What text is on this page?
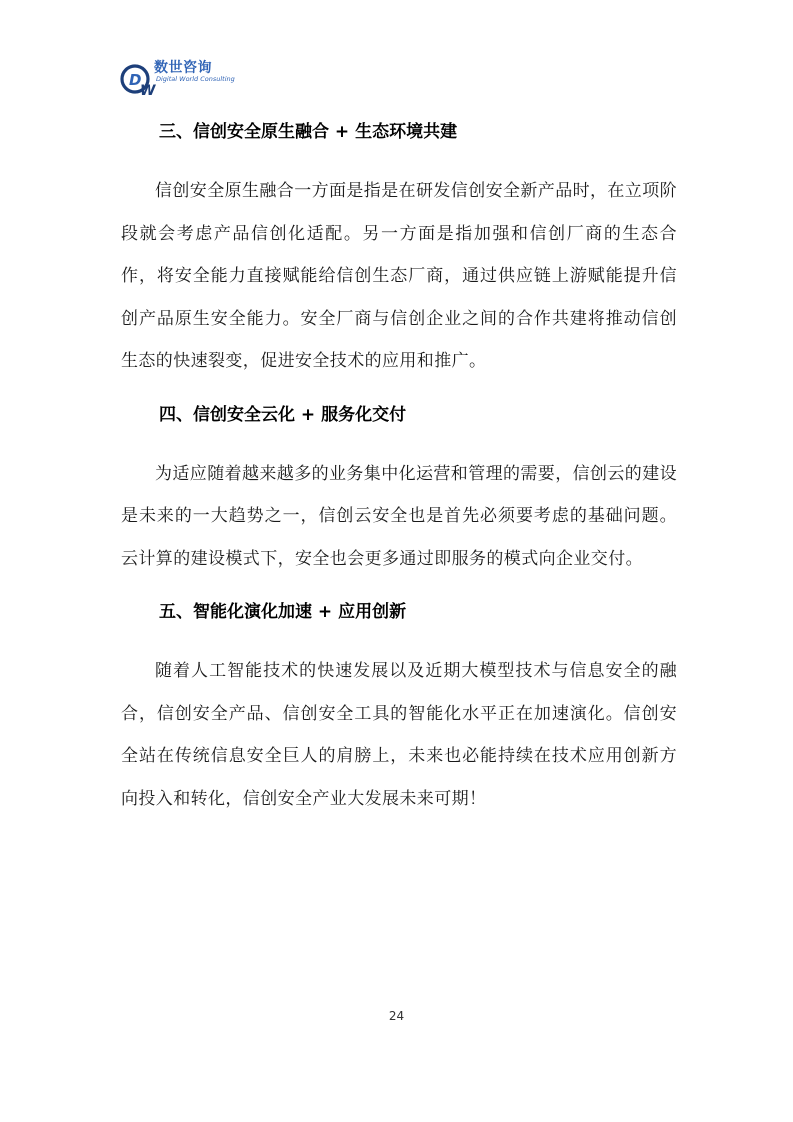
D
W
数世咨询
Digital World Consulting
三、信创安全原生融合 + 生态环境共建

信创安全原生融合一方面是指是在研发信创安全新产品时，在立项阶段就会考虑产品信创化适配。另一方面是指加强和信创厂商的生态合作，将安全能力直接赋能给信创生态厂商，通过供应链上游赋能提升信创产品原生安全能力。安全厂商与信创企业之间的合作共建将推动信创生态的快速裂变，促进安全技术的应用和推广。

四、信创安全云化 + 服务化交付

为适应随着越来越多的业务集中化运营和管理的需要，信创云的建设是未来的一大趋势之一，信创云安全也是首先必须要考虑的基础问题。云计算的建设模式下，安全也会更多通过即服务的模式向企业交付。

五、智能化演化加速 + 应用创新

随着人工智能技术的快速发展以及近期大模型技术与信息安全的融合，信创安全产品、信创安全工具的智能化水平正在加速演化。信创安全站在传统信息安全巨人的肩膀上，未来也必能持续在技术应用创新方向投入和转化，信创安全产业大发展未来可期！

24
